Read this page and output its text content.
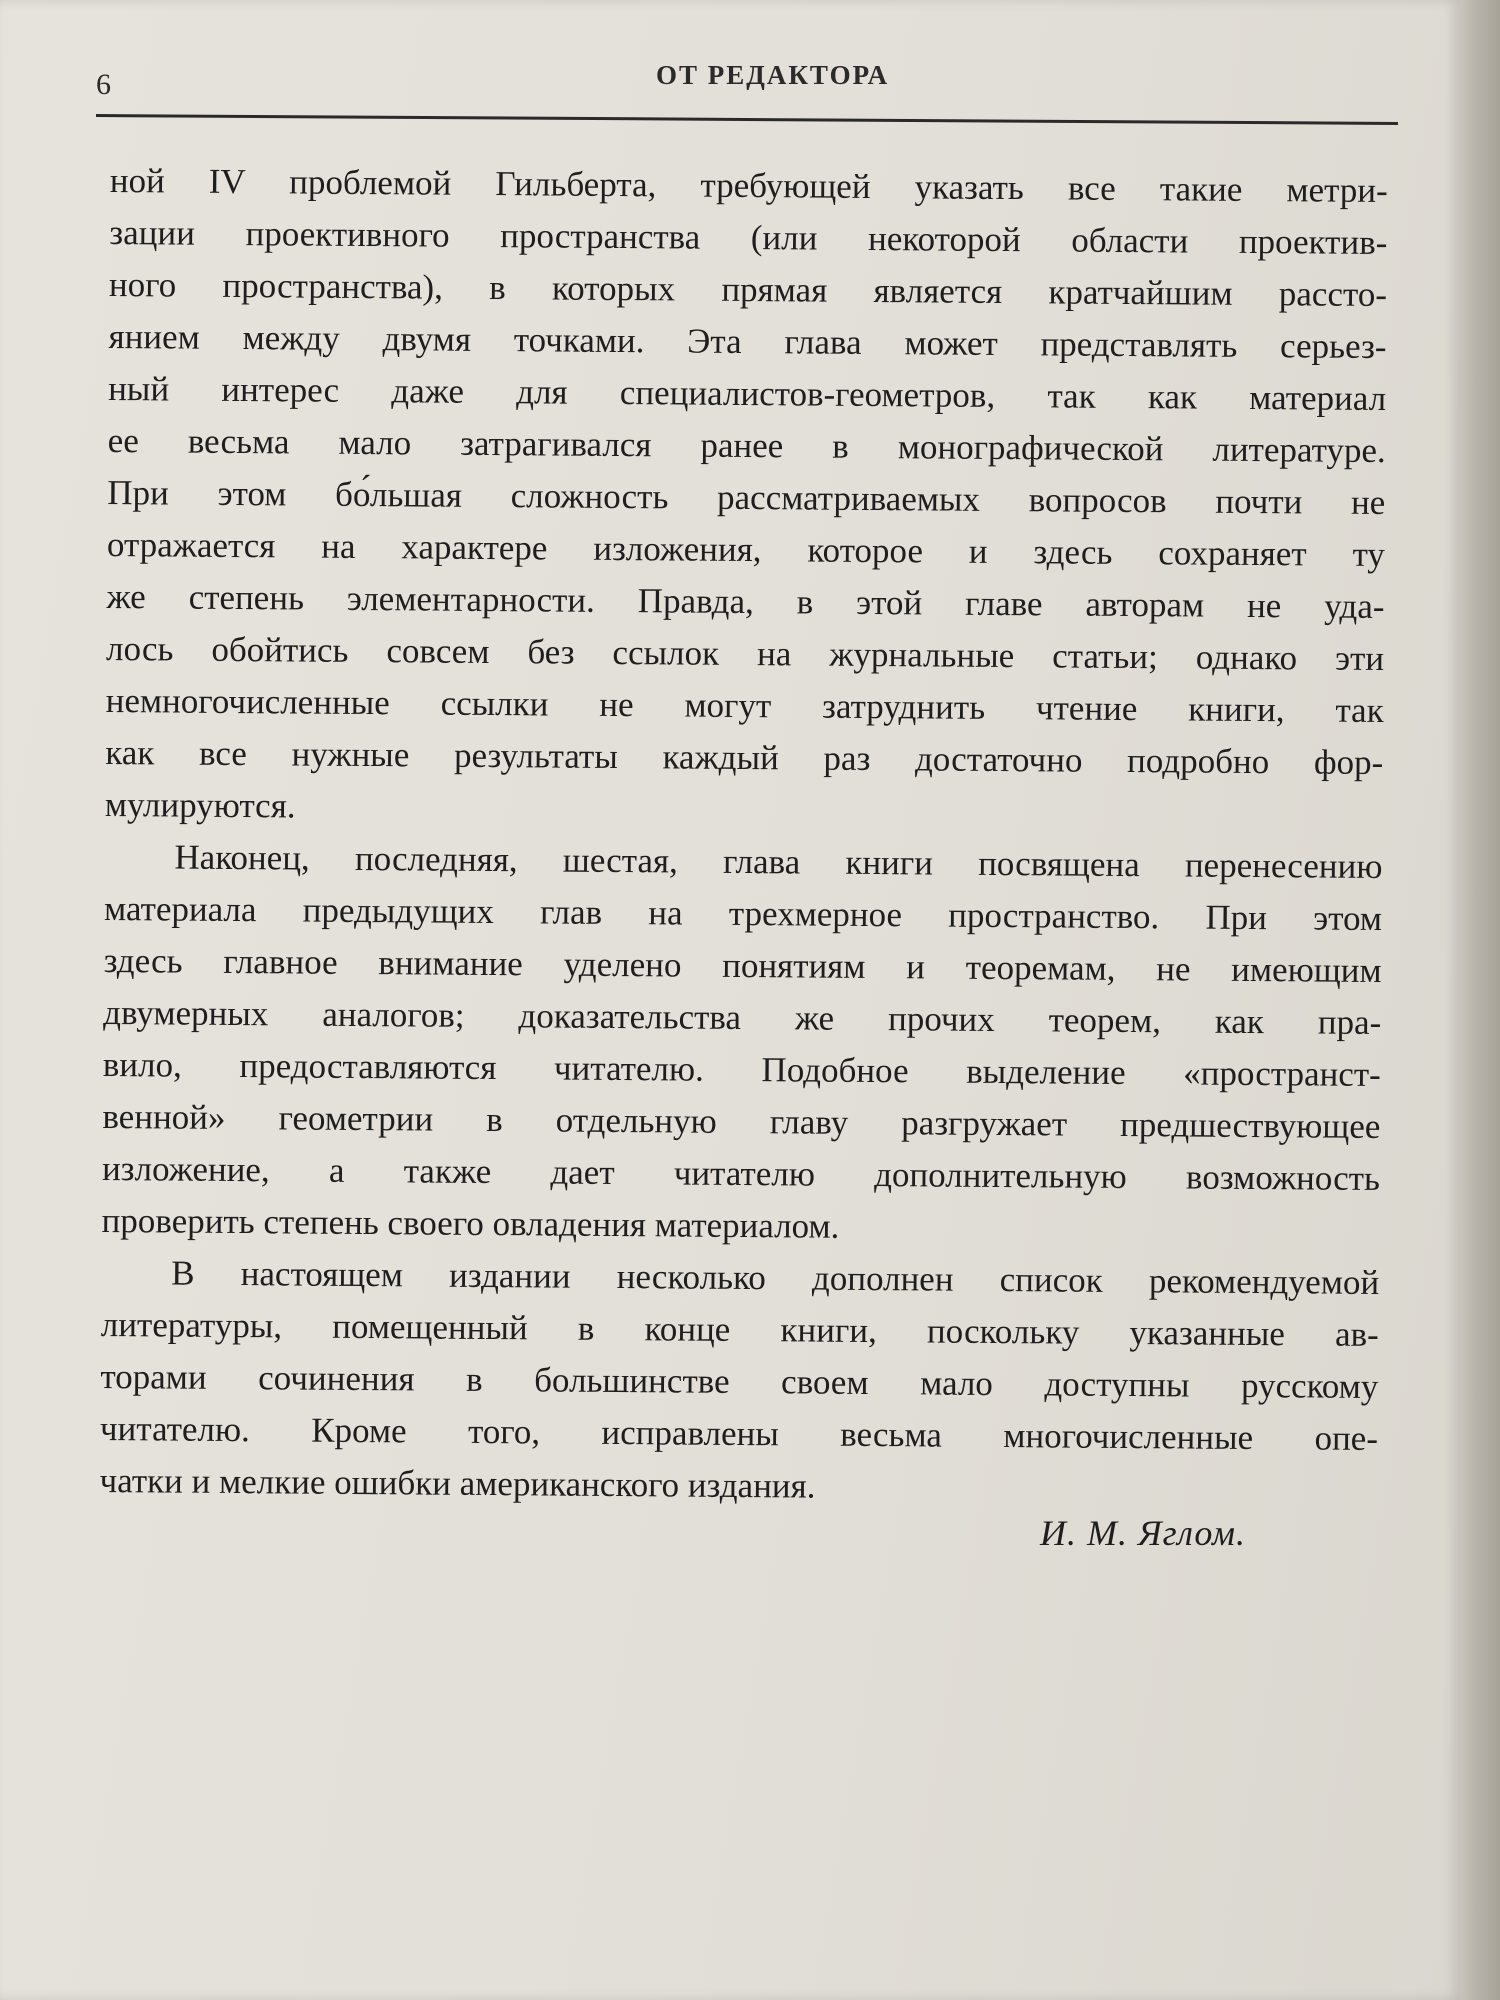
6	ОТ РЕДАКТОРА
ной IV проблемой Гильберта, требующей указать все такие метри-
зации проективного пространства (или некоторой области проектив-
ного пространства), в которых прямая является кратчайшим рассто-
янием между двумя точками. Эта глава может представлять серьез-
ный интерес даже для специалистов-геометров, так как материал
ее весьма мало затрагивался ранее в монографической литературе.
При этом бо́льшая сложность рассматриваемых вопросов почти не
отражается на характере изложения, которое и здесь сохраняет ту
же степень элементарности. Правда, в этой главе авторам не уда-
лось обойтись совсем без ссылок на журнальные статьи; однако эти
немногочисленные ссылки не могут затруднить чтение книги, так
как все нужные результаты каждый раз достаточно подробно фор-
мулируются.
Наконец, последняя, шестая, глава книги посвящена перенесению
материала предыдущих глав на трехмерное пространство. При этом
здесь главное внимание уделено понятиям и теоремам, не имеющим
двумерных аналогов; доказательства же прочих теорем, как пра-
вило, предоставляются читателю. Подобное выделение «пространст-
венной» геометрии в отдельную главу разгружает предшествующее
изложение, а также дает читателю дополнительную возможность
проверить степень своего овладения материалом.
В настоящем издании несколько дополнен список рекомендуемой
литературы, помещенный в конце книги, поскольку указанные ав-
торами сочинения в большинстве своем мало доступны русскому
читателю. Кроме того, исправлены весьма многочисленные опе-
чатки и мелкие ошибки американского издания.
И. М. Яглом.
